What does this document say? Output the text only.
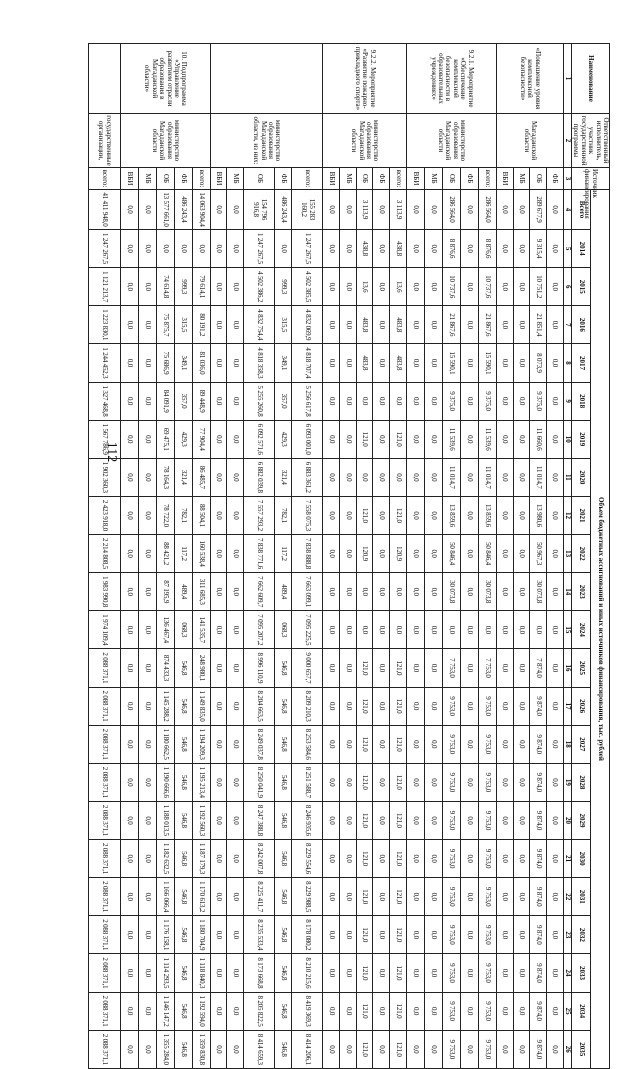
112
Наименование	Ответственный исполнитель, участник государственной программы	Источник финансирования	Объем бюджетных ассигнований и иных источников финансирования, тыс. рублей																						
			Всего	2014	2015	2016	2017	2018	2019	2020	2021	2022	2023	2024	2025	2026	2027	2028	2029	2030	2031	2032	2033	2034	2035
1	2	3	4	5	6	7	8	9	10	11	12	13	14	15	16	17	18	19	20	21	22	23	24	25	26
«Повышение уровня комплексной безопасности»	Магаданской области	ФБ	0,0	0,0	0,0	0,0	0,0	0,0	0,0	0,0	0,0	0,0	0,0	0,0	0,0	0,0	0,0	0,0	0,0	0,0	0,0	0,0	0,0	0,0	0,0
		ОБ	289 677,9	9 315,4	10 751,2	21 851,4	8 073,9	9 375,0	11 660,6	11 014,7	13 980,6	50 967,3	30 073,8	0,0	7 874,0	9 874,0	9 874,0	9 874,0	9 874,0	9 874,0	9 874,0	9 874,0	9 874,0	9 874,0	9 874,0
		МБ	0,0	0,0	0,0	0,0	0,0	0,0	0,0	0,0	0,0	0,0	0,0	0,0	0,0	0,0	0,0	0,0	0,0	0,0	0,0	0,0	0,0	0,0	0,0
		ВБИ	0,0	0,0	0,0	0,0	0,0	0,0	0,0	0,0	0,0	0,0	0,0	0,0	0,0	0,0	0,0	0,0	0,0	0,0	0,0	0,0	0,0	0,0	0,0
9.2.1. Мероприятие «Обеспечение комплексной безопасности в образовательных учреждениях»	министерство образования Магаданской области	всего:	286 564,0	8 876,6	10 737,6	21 867,6	15 590,1	9 375,0	11 539,6	11 014,7	13 859,6	50 846,4	30 073,8	0,0	7 753,0	9 753,0	9 753,0	9 753,0	9 753,0	9 753,0	9 753,0	9 753,0	9 753,0	9 753,0	9 753,0
		ФБ	0,0	0,0	0,0	0,0	0,0	0,0	0,0	0,0	0,0	0,0	0,0	0,0	0,0	0,0	0,0	0,0	0,0	0,0	0,0	0,0	0,0	0,0	0,0
		ОБ	286 564,0	8 876,6	10 737,6	21 867,6	15 590,1	9 375,0	11 539,6	11 014,7	13 859,6	50 846,4	30 073,8	0,0	7 753,0	9 753,0	9 753,0	9 753,0	9 753,0	9 753,0	9 753,0	9 753,0	9 753,0	9 753,0	9 753,0
		МБ	0,0	0,0	0,0	0,0	0,0	0,0	0,0	0,0	0,0	0,0	0,0	0,0	0,0	0,0	0,0	0,0	0,0	0,0	0,0	0,0	0,0	0,0	0,0
		ВБИ	0,0	0,0	0,0	0,0	0,0	0,0	0,0	0,0	0,0	0,0	0,0	0,0	0,0	0,0	0,0	0,0	0,0	0,0	0,0	0,0	0,0	0,0	0,0
9.2.2. Мероприятие «Развитие пожарно-прикладного спорта»	министерство образования Магаданской области	всего:	3 113,9	438,8	13,6	483,8	483,8	0,0	121,0	0,0	121,0	120,9	0,0	0,0	121,0	121,0	121,0	121,0	121,0	121,0	121,0	121,0	121,0	121,0	121,0
		ФБ	0,0	0,0	0,0	0,0	0,0	0,0	0,0	0,0	0,0	0,0	0,0	0,0	0,0	0,0	0,0	0,0	0,0	0,0	0,0	0,0	0,0	0,0	0,0
		ОБ	3 113,9	438,8	13,6	483,8	483,8	0,0	121,0	0,0	121,0	120,9	0,0	0,0	121,0	121,0	121,0	121,0	121,0	121,0	121,0	121,0	121,0	121,0	121,0
		МБ	0,0	0,0	0,0	0,0	0,0	0,0	0,0	0,0	0,0	0,0	0,0	0,0	0,0	0,0	0,0	0,0	0,0	0,0	0,0	0,0	0,0	0,0	0,0
		ВБИ	0,0	0,0	0,0	0,0	0,0	0,0	0,0	0,0	0,0	0,0	0,0	0,0	0,0	0,0	0,0	0,0	0,0	0,0	0,0	0,0	0,0	0,0	0,0
	министерство образования Магаданской области, из них:	всего:	155 283 160,2	1 247 267,5	4 502 385,5	4 832 069,9	4 818 707,4	5 256 617,8	6 093 001,0	6 883 361,2	7 558 075,3	7 838 888,8	7 663 099,1	7 095 225,5	9 000 657,7	8 209 210,3	8 253 584,6	8 251 588,7	8 246 935,6	8 229 554,6	8 229 988,5	8 178 080,2	8 210 215,6	8 419 369,3	8 414 206,1
		ФБ	486 243,4	0,0	999,3	315,5	349,1	357,0	429,3	321,4	782,1	117,2	489,4	068,3	546,8	546,8	546,8	546,8	546,8	546,8	546,8	546,8	546,8	546,8	546,8
		ОБ	154 796 916,8	1 247 267,5	4 502 386,2	4 832 754,4	4 818 358,3	5 255 260,8	6 092 571,6	6 882 039,8	7 557 293,2	7 838 771,6	7 662 609,7	7 095 207,2	8 996 110,9	8 204 663,5	8 249 037,8	8 250 041,9	8 247 388,8	8 242 007,8	8 225 411,7	8 235 533,4	8 173 668,8	8 205 822,5	8 414 659,3
		МБ	0,0	0,0	0,0	0,0	0,0	0,0	0,0	0,0	0,0	0,0	0,0	0,0	0,0	0,0	0,0	0,0	0,0	0,0	0,0	0,0	0,0	0,0	0,0
		ВБИ	0,0	0,0	0,0	0,0	0,0	0,0	0,0	0,0	0,0	0,0	0,0	0,0	0,0	0,0	0,0	0,0	0,0	0,0	0,0	0,0	0,0	0,0	0,0
10. Подпрограмма «Управление развитием отрасли образования в Магаданской области»	министерство образования Магаданской области	всего:	14 063 904,4	0,0	79 614,1	80 191,2	81 036,0	89 448,9	77 904,4	86 485,7	88 504,1	160 538,4	311 685,3	141 535,7	248 980,1	1 149 835,0	1 194 209,3	1 195 213,4	1 192 560,3	1 187 179,3	1 170 613,2	1 180 704,9	1 118 840,3	1 192 594,0	1 359 830,8
		ФБ	486 243,4	0,0	999,3	315,5	349,1	357,0	429,3	321,4	782,1	117,2	489,4	068,3	546,8	546,8	546,8	546,8	546,8	546,8	546,8	546,8	546,8	546,8	546,8
		ОБ	13 577 661,0	0,0	74 614,8	75 875,7	75 686,9	84 091,9	69 475,1	78 164,3	78 722,0	88 421,2	87 195,9	136 467,4	874 433,3	1 145 288,2	1 180 662,5	1 190 666,6	1 188 013,5	1 182 632,5	1 166 066,4	1 176 158,1	1 114 293,5	1 146 147,2	1 355 284,0
		МБ	0,0	0,0	0,0	0,0	0,0	0,0	0,0	0,0	0,0	0,0	0,0	0,0	0,0	0,0	0,0	0,0	0,0	0,0	0,0	0,0	0,0	0,0	0,0
		ВБИ	0,0	0,0	0,0	0,0	0,0	0,0	0,0	0,0	0,0	0,0	0,0	0,0	0,0	0,0	0,0	0,0	0,0	0,0	0,0	0,0	0,0	0,0	0,0
	государственные организации,	всего:	41 411 948,0	1 247 267,5	1 121 213,7	1 223 830,1	1 244 452,3	1 327 468,8	1 567 786,9	1 902 360,3	2 423 918,0	2 214 808,5	1 983 990,8	1 974 109,4	2 088 371,1	2 088 371,1	2 088 371,1	2 088 371,1	2 088 371,1	2 088 371,1	2 088 371,1	2 088 371,1	2 088 371,1	2 088 371,1	2 088 371,1
